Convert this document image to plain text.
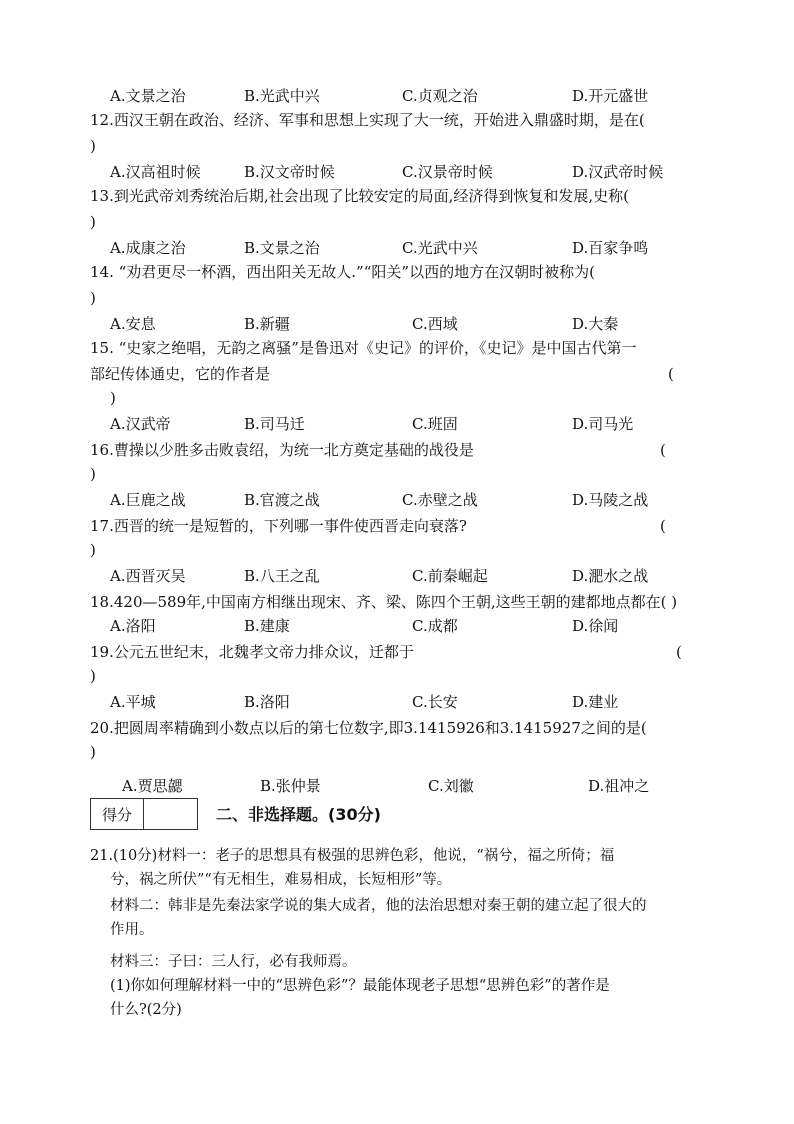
A.文景之治	B.光武中兴	C.贞观之治	D.开元盛世
12.西汉王朝在政治、经济、军事和思想上实现了大一统，开始进入鼎盛时期，是在(
)
A.汉高祖时候	B.汉文帝时候	C.汉景帝时候	D.汉武帝时候
13.到光武帝刘秀统治后期,社会出现了比较安定的局面,经济得到恢复和发展,史称(
)
A.成康之治	B.文景之治	C.光武中兴	D.百家争鸣
14. “劝君更尽一杯酒，西出阳关无故人.”“阳关”以西的地方在汉朝时被称为(
)
A.安息	B.新疆	C.西域	D.大秦
15. “史家之绝唱，无韵之离骚”是鲁迅对《史记》的评价，《史记》是中国古代第一
部纪传体通史，它的作者是	(
)
A.汉武帝	B.司马迁	C.班固	D.司马光
16.曹操以少胜多击败袁绍，为统一北方奠定基础的战役是	(
)
A.巨鹿之战	B.官渡之战	C.赤壁之战	D.马陵之战
17.西晋的统一是短暂的，下列哪一事件使西晋走向衰落?	(
)
A.西晋灭吴	B.八王之乱	C.前秦崛起	D.淝水之战
18.420—589年,中国南方相继出现宋、齐、梁、陈四个王朝,这些王朝的建都地点都在( )
A.洛阳	B.建康	C.成都	D.徐闻
19.公元五世纪末，北魏孝文帝力排众议，迁都于	(
)
A.平城	B.洛阳	C.长安	D.建业
20.把圆周率精确到小数点以后的第七位数字,即3.1415926和3.1415927之间的是(
)
A.贾思勰	B.张仲景	C.刘徽	D.祖冲之
得分	二、非选择题。(30分)
21.(10分)材料一：老子的思想具有极强的思辨色彩，他说，“祸兮，福之所倚；福
兮，祸之所伏”“有无相生，难易相成，长短相形”等。
材料二：韩非是先秦法家学说的集大成者，他的法治思想对秦王朝的建立起了很大的
作用。
材料三：子曰：三人行，必有我师焉。
(1)你如何理解材料一中的“思辨色彩”？最能体现老子思想“思辨色彩”的著作是
什么?(2分)
